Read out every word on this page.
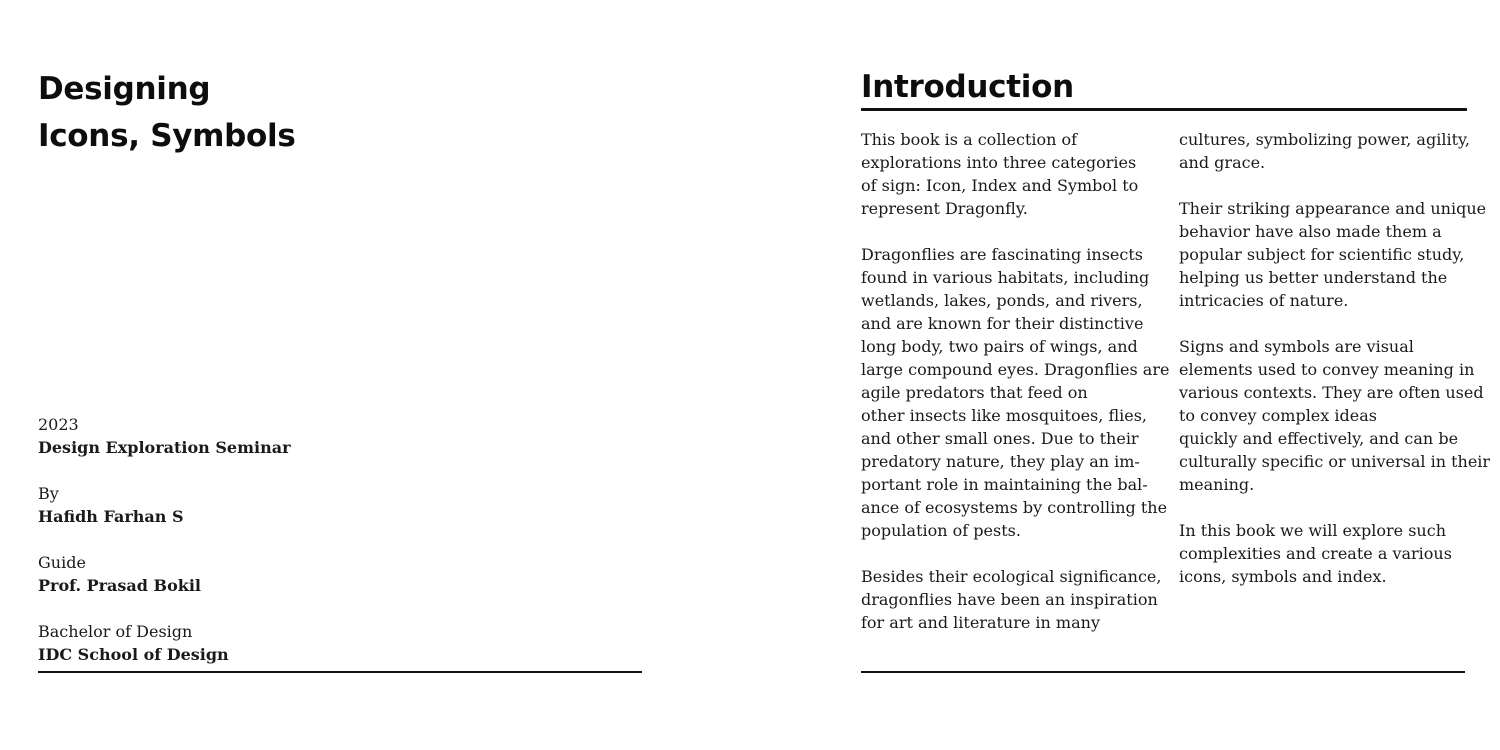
Designing
Icons, Symbols
2023
Design Exploration Seminar
By
Hafidh Farhan S
Guide
Prof. Prasad Bokil
Bachelor of Design
IDC School of Design
Introduction
This book is a collection of
explorations into three categories
of sign: Icon, Index and Symbol to
represent Dragonfly.
Dragonflies are fascinating insects
found in various habitats, including
wetlands, lakes, ponds, and rivers,
and are known for their distinctive
long body, two pairs of wings, and
large compound eyes. Dragonflies are
agile predators that feed on
other insects like mosquitoes, flies,
and other small ones. Due to their
predatory nature, they play an im-
portant role in maintaining the bal-
ance of ecosystems by controlling the
population of pests.
Besides their ecological significance,
dragonflies have been an inspiration
for art and literature in many
cultures, symbolizing power, agility,
and grace.
Their striking appearance and unique
behavior have also made them a
popular subject for scientific study,
helping us better understand the
intricacies of nature.
Signs and symbols are visual
elements used to convey meaning in
various contexts. They are often used
to convey complex ideas
quickly and effectively, and can be
culturally specific or universal in their
meaning.
In this book we will explore such
complexities and create a various
icons, symbols and index.
